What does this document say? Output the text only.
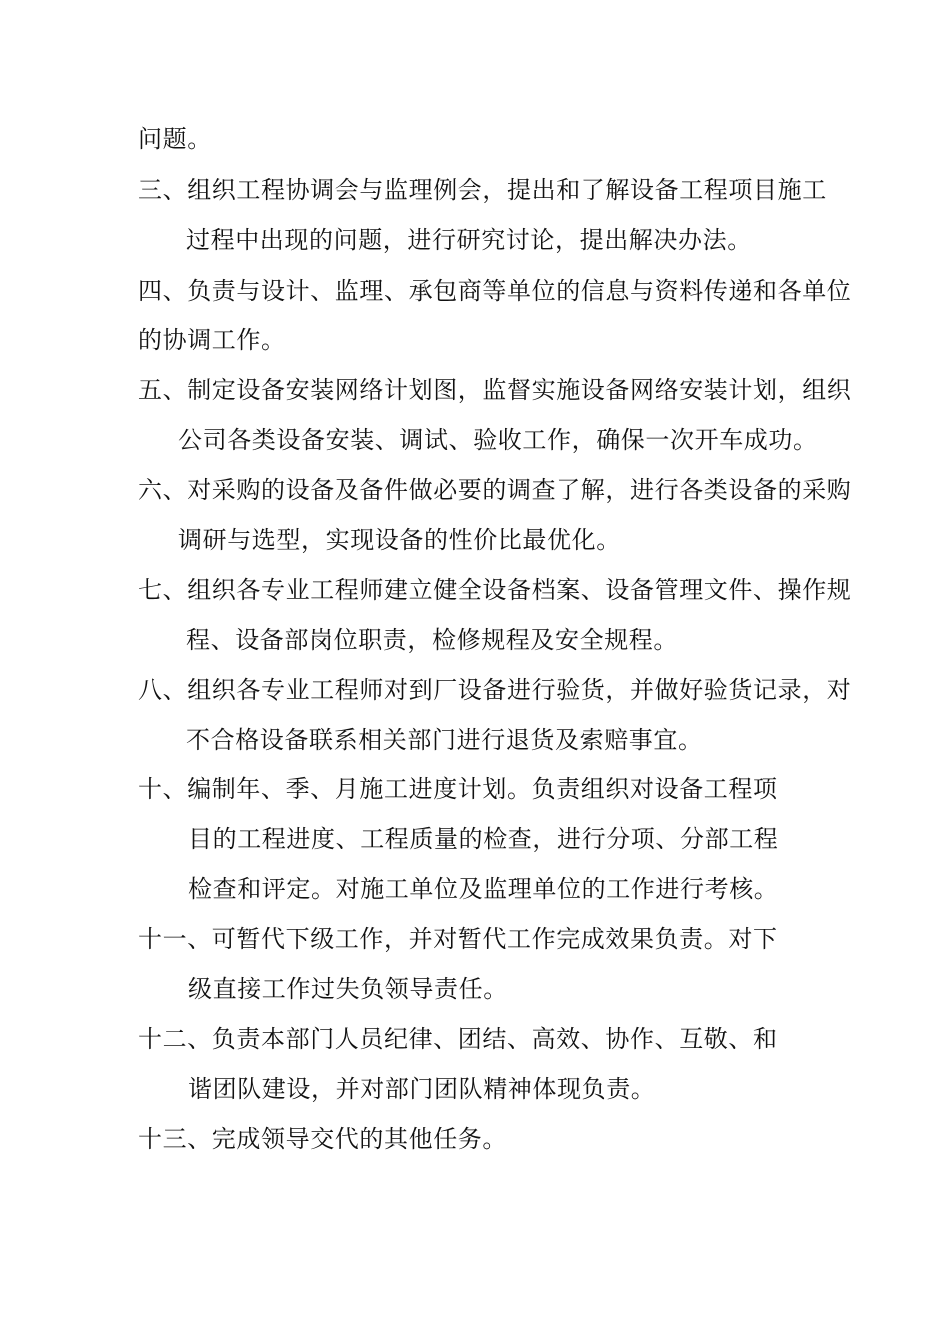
问题。
三、组织工程协调会与监理例会，提出和了解设备工程项目施工
过程中出现的问题，进行研究讨论，提出解决办法。
四、负责与设计、监理、承包商等单位的信息与资料传递和各单位
的协调工作。
五、制定设备安装网络计划图，监督实施设备网络安装计划，组织
公司各类设备安装、调试、验收工作，确保一次开车成功。
六、对采购的设备及备件做必要的调查了解，进行各类设备的采购
调研与选型，实现设备的性价比最优化。
七、组织各专业工程师建立健全设备档案、设备管理文件、操作规
程、设备部岗位职责，检修规程及安全规程。
八、组织各专业工程师对到厂设备进行验货，并做好验货记录，对
不合格设备联系相关部门进行退货及索赔事宜。
十、编制年、季、月施工进度计划。负责组织对设备工程项
目的工程进度、工程质量的检查，进行分项、分部工程
检查和评定。对施工单位及监理单位的工作进行考核。
十一、可暂代下级工作，并对暂代工作完成效果负责。对下
级直接工作过失负领导责任。
十二、负责本部门人员纪律、团结、高效、协作、互敬、和
谐团队建设，并对部门团队精神体现负责。
十三、完成领导交代的其他任务。
